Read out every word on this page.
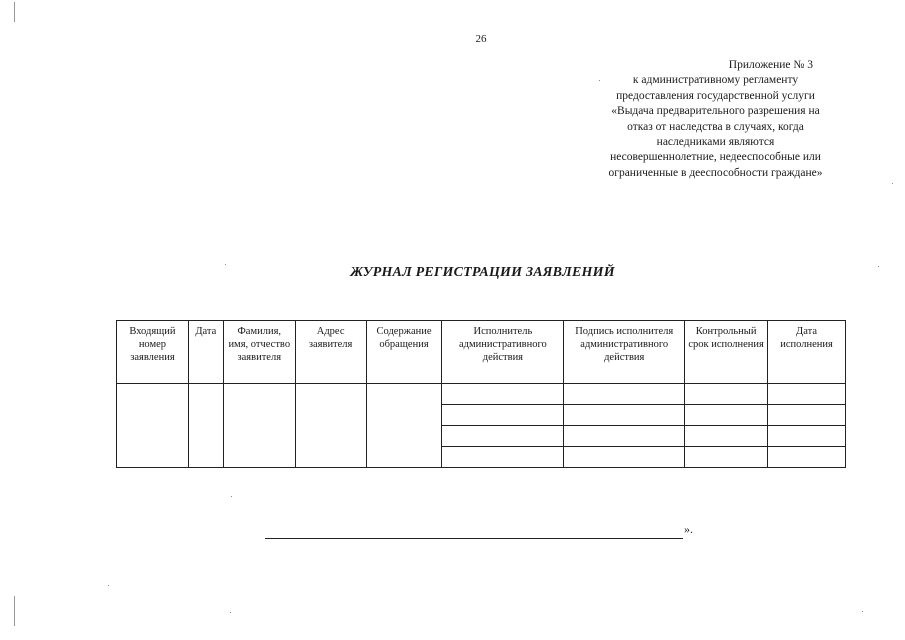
26
Приложение № 3
к административному регламенту
предоставления государственной услуги
«Выдача предварительного разрешения на
отказ от наследства в случаях, когда
наследниками являются
несовершеннолетние, недееспособные или
ограниченные в дееспособности граждане»
ЖУРНАЛ РЕГИСТРАЦИИ ЗАЯВЛЕНИЙ
Входящий номер заявления	Дата	Фамилия, имя, отчество заявителя	Адрес заявителя	Содержание обращения	Исполнитель административного действия	Подпись исполнителя административного действия	Контрольный срок исполнения	Дата исполнения

».
